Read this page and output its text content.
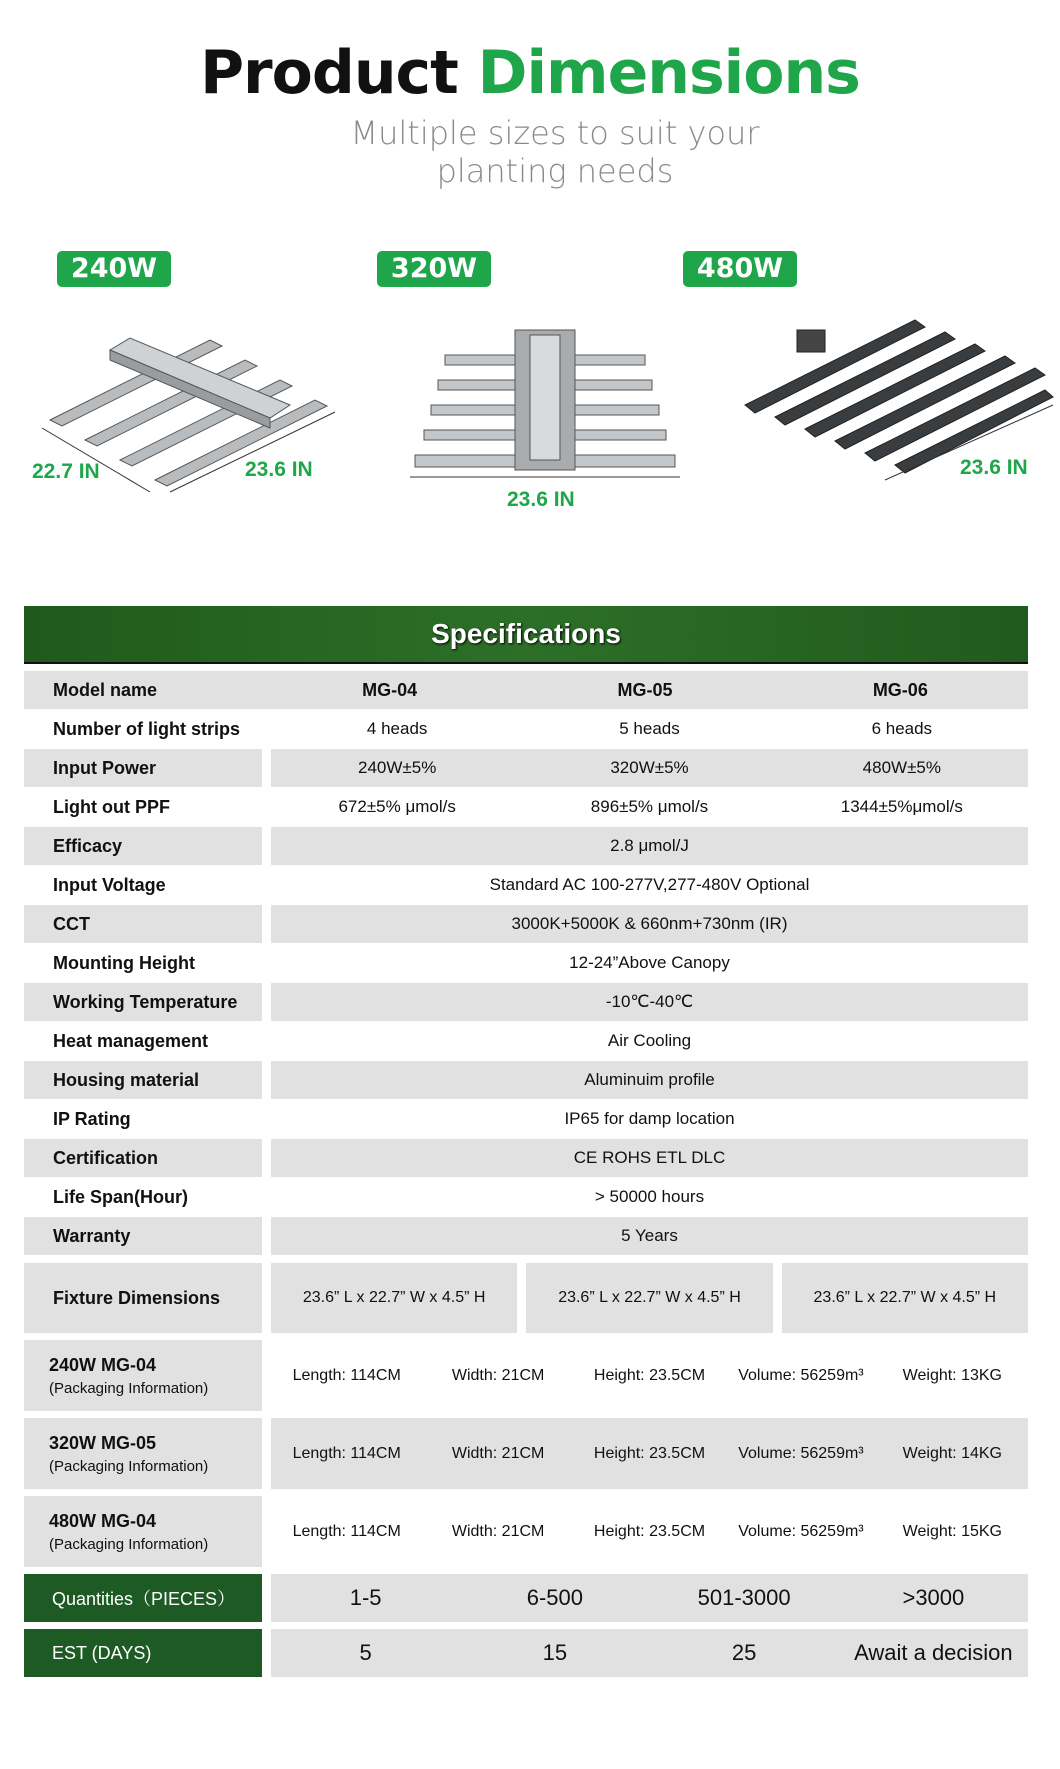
Product Dimensions
Multiple sizes to suit your
planting needs
240W	320W	480W
22.7 IN	23.6 IN
23.6 IN
23.6 IN
Specifications
Model name	MG-04	MG-05	MG-06
Number of light strips	4 heads	5 heads	6 heads
Input Power	240W±5%	320W±5%	480W±5%
Light out PPF	672±5% μmol/s	896±5% μmol/s	1344±5%μmol/s
Efficacy	2.8 μmol/J
Input Voltage	Standard AC 100-277V,277-480V Optional
CCT	3000K+5000K & 660nm+730nm (IR)
Mounting Height	12-24”Above Canopy
Working Temperature	-10℃-40℃
Heat management	Air Cooling
Housing material	Aluminuim profile
IP Rating	IP65 for damp location
Certification	CE ROHS ETL DLC
Life Span(Hour)	> 50000 hours
Warranty	5 Years
Fixture Dimensions	23.6” L x 22.7” W x 4.5” H	23.6” L x 22.7” W x 4.5” H	23.6” L x 22.7” W x 4.5” H
240W MG-04
(Packaging Information)
Length: 114CM	Width: 21CM	Height: 23.5CM	Volume: 56259m³	Weight: 13KG
320W MG-05
(Packaging Information)
Length: 114CM	Width: 21CM	Height: 23.5CM	Volume: 56259m³	Weight: 14KG
480W MG-04
(Packaging Information)
Length: 114CM	Width: 21CM	Height: 23.5CM	Volume: 56259m³	Weight: 15KG
Quantities（PIECES）	1-5	6-500	501-3000	>3000
EST (DAYS)	5	15	25	Await a decision
